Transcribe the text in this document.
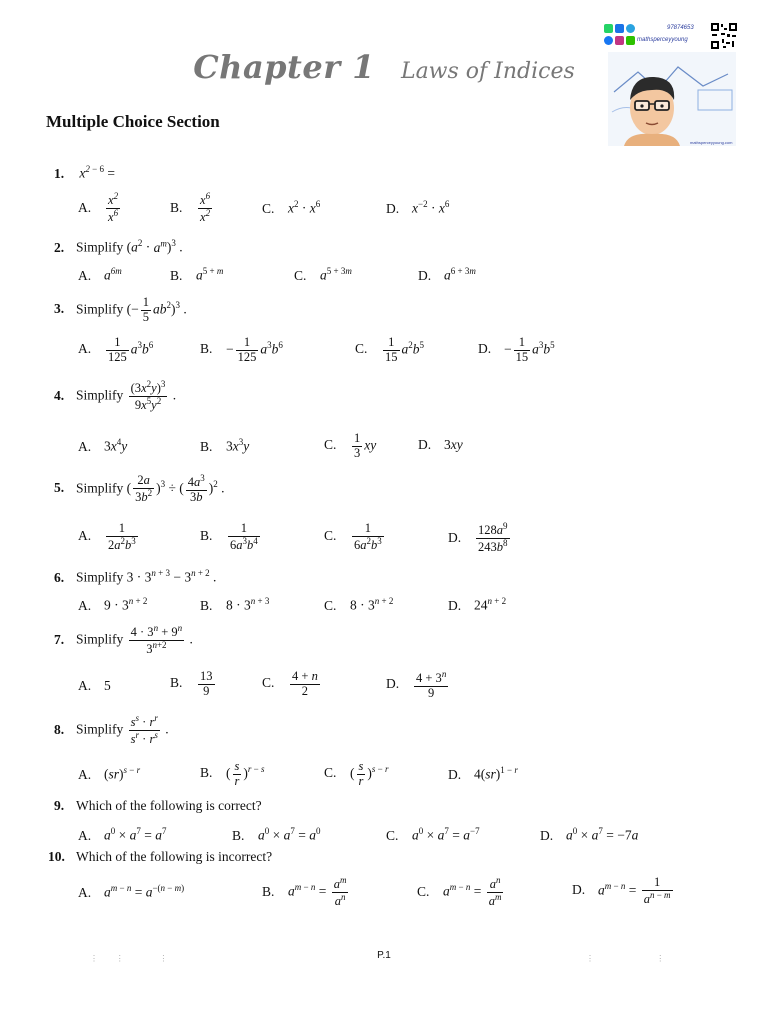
97874653
mathsperceyyoung
mathsperceyyoung.com
Chapter 1 Laws of Indices
Multiple Choice Section
1. $x^{2 - 6}$ =
A. $\frac{x^2}{x^6}$	B. $\frac{x^6}{x^2}$	C. $x^2 \cdot x^6$	D. $x^{-2} \cdot x^6$
2. Simplify $(a^2 \cdot a^m)^3$ .
A. $a^{6m}$	B. $a^{5 + m}$	C. $a^{5 + 3m}$	D. $a^{6 + 3m}$
3. Simplify (− $\frac{1}{5} ab^2)^3$ .
A. $\frac{1}{125} a^3b^6$	B. − $\frac{1}{125} a^3b^6$	C. $\frac{1}{15} a^2b^5$	D. − $\frac{1}{15} a^3b^5$
4. Simplify $\frac{(3x^2y)^3}{9x^5y^2}$ .
A. $3x^4y$	B. $3x^3y$	C. $\frac{1}{3}$ xy	D. 3xy
5. Simplify ( $\frac{2a}{3b^2} )^3$ ÷ ( $\frac{4a^3}{3b} )^2$ .
A. $\frac{1}{2a^2b^3}$	B. $\frac{1}{6a^3b^4}$	C. $\frac{1}{6a^2b^3}$	D. $\frac{128a^9}{243b^8}$
6. Simplify $3 \cdot 3^{n + 3} - 3^{n + 2}$ .
A. $9 \cdot 3^{n + 2}$	B. $8 \cdot 3^{n + 3}$	C. $8 \cdot 3^{n + 2}$	D. $24^{n + 2}$
7. Simplify $\frac{4 \cdot 3^n + 9^n}{3^{n+2}}$ .
A. 5	B. $\frac{13}{9}$	C. $\frac{4 + n}{2}$	D. $\frac{4 + 3^n}{9}$
8. Simplify $\frac{s^s \cdot r^r}{s^r \cdot r^s}$ .
A. (sr)$^{s - r}$	B. ( $\frac{s}{r} )^{r - s}$	C. ( $\frac{s}{r} )^{s - r}$	D. 4(sr)$^{1 - r}$
9. Which of the following is correct?
A. $a^0 \times a^7 = a^7$	B. $a^0 \times a^7 = a^0$	C. $a^0 \times a^7 = a^{-7}$	D. $a^0 \times a^7 = -7a$
10. Which of the following is incorrect?
A. $a^{m - n} = a^{-(n - m)}$	B. $a^{m - n} = \frac{a^m}{a^n}$	C. $a^{m - n} = \frac{a^n}{a^m}$	D. $a^{m - n} = \frac{1}{a^{n - m}}$
P.1
⋮        ⋮                ⋮	⋮                            ⋮
